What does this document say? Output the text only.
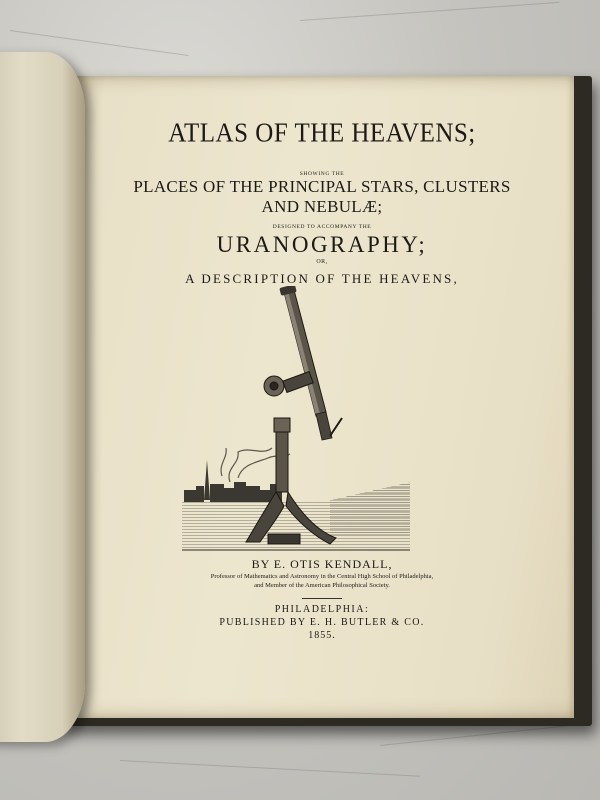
ATLAS OF THE HEAVENS;
SHOWING THE
PLACES OF THE PRINCIPAL STARS, CLUSTERS
AND NEBULÆ;
DESIGNED TO ACCOMPANY THE
URANOGRAPHY;
OR,
A DESCRIPTION OF THE HEAVENS,
BY E. OTIS KENDALL,
Professor of Mathematics and Astronomy in the Central High School of Philadelphia,
and Member of the American Philosophical Society.
PHILADELPHIA:
PUBLISHED BY E. H. BUTLER & CO.
1855.
